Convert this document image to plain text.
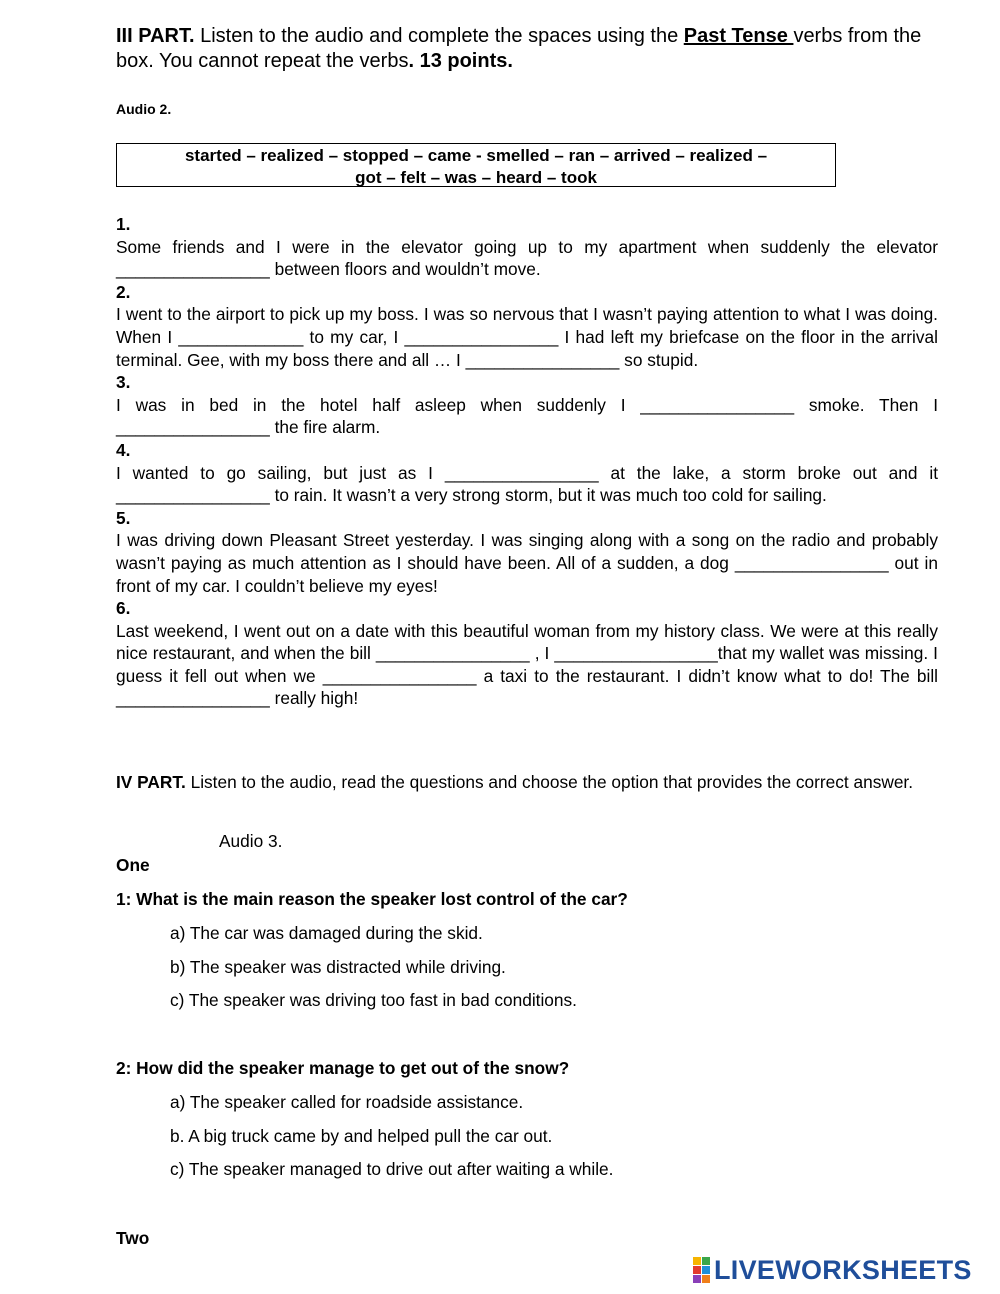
III PART. Listen to the audio and complete the spaces using the Past Tense verbs from the box. You cannot repeat the verbs. 13 points.
Audio 2.
started – realized – stopped – came - smelled – ran – arrived – realized –
got – felt – was – heard – took

1.

Some friends and I were in the elevator going up to my apartment when suddenly the elevator ________________ between floors and wouldn’t move.

2.

I went to the airport to pick up my boss. I was so nervous that I wasn’t paying attention to what I was doing. When I _____________ to my car, I ________________ I had left my briefcase on the floor in the arrival terminal. Gee, with my boss there and all … I ________________ so stupid.

3.

I was in bed in the hotel half asleep when suddenly I ________________ smoke. Then I ________________ the fire alarm.

4.

I wanted to go sailing, but just as I ________________ at the lake, a storm broke out and it ________________ to rain. It wasn’t a very strong storm, but it was much too cold for sailing.

5.

I was driving down Pleasant Street yesterday. I was singing along with a song on the radio and probably wasn’t paying as much attention as I should have been. All of a sudden, a dog ________________ out in front of my car. I couldn’t believe my eyes!

6.

Last weekend, I went out on a date with this beautiful woman from my history class. We were at this really nice restaurant, and when the bill ________________ , I _________________that my wallet was missing. I guess it fell out when we ________________ a taxi to the restaurant. I didn’t know what to do! The bill ________________ really high!

IV PART. Listen to the audio, read the questions and choose the option that provides the correct answer.
Audio 3.
One
1: What is the main reason the speaker lost control of the car?
a) The car was damaged during the skid.
b) The speaker was distracted while driving.
c) The speaker was driving too fast in bad conditions.
2: How did the speaker manage to get out of the snow?
a) The speaker called for roadside assistance.
b. A big truck came by and helped pull the car out.
c) The speaker managed to drive out after waiting a while.
Two
LIVEWORKSHEETS
